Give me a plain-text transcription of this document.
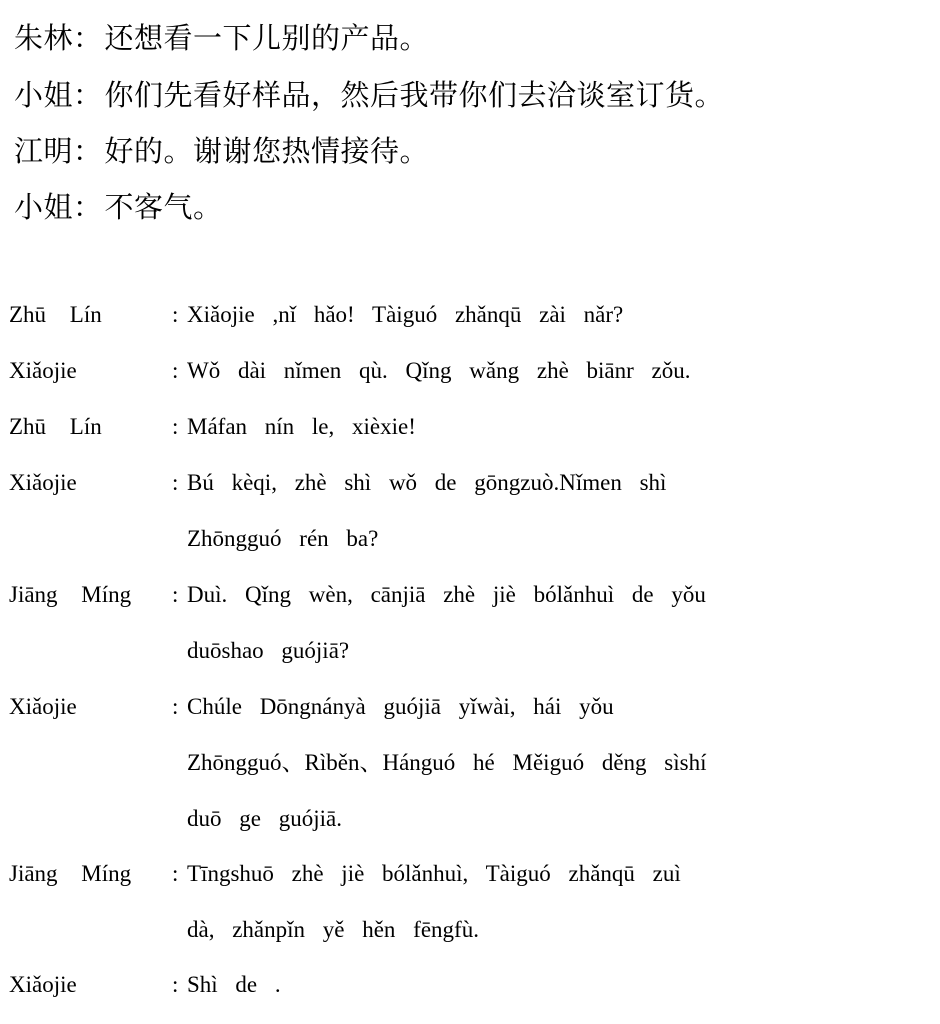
朱林：还想看一下儿别的产品。
小姐：你们先看好样品，然后我带你们去洽谈室订货。
江明：好的。谢谢您热情接待。
小姐：不客气。
Zhū Lín	: Xiǎojie ,nǐ hǎo! Tàiguó zhǎnqū zài nǎr?
Xiǎojie	: Wǒ dài nǐmen qù. Qǐng wǎng zhè biānr zǒu.
Zhū Lín	: Máfan nín le, xièxie!
Xiǎojie	: Bú kèqi, zhè shì wǒ de gōngzuò.Nǐmen shì
Zhōngguó rén ba?
Jiāng Míng : Duì. Qǐng wèn, cānjiā zhè jiè bólǎnhuì de yǒu
duōshao guójiā?
Xiǎojie	: Chúle Dōngnányà guójiā yǐwài, hái yǒu
Zhōngguó、Rìběn、Hánguó hé Měiguó děng sìshí
duō ge guójiā.
Jiāng Míng : Tīngshuō zhè jiè bólǎnhuì, Tàiguó zhǎnqū zuì
dà, zhǎnpǐn yě hěn fēngfù.
Xiǎojie	: Shì de .
